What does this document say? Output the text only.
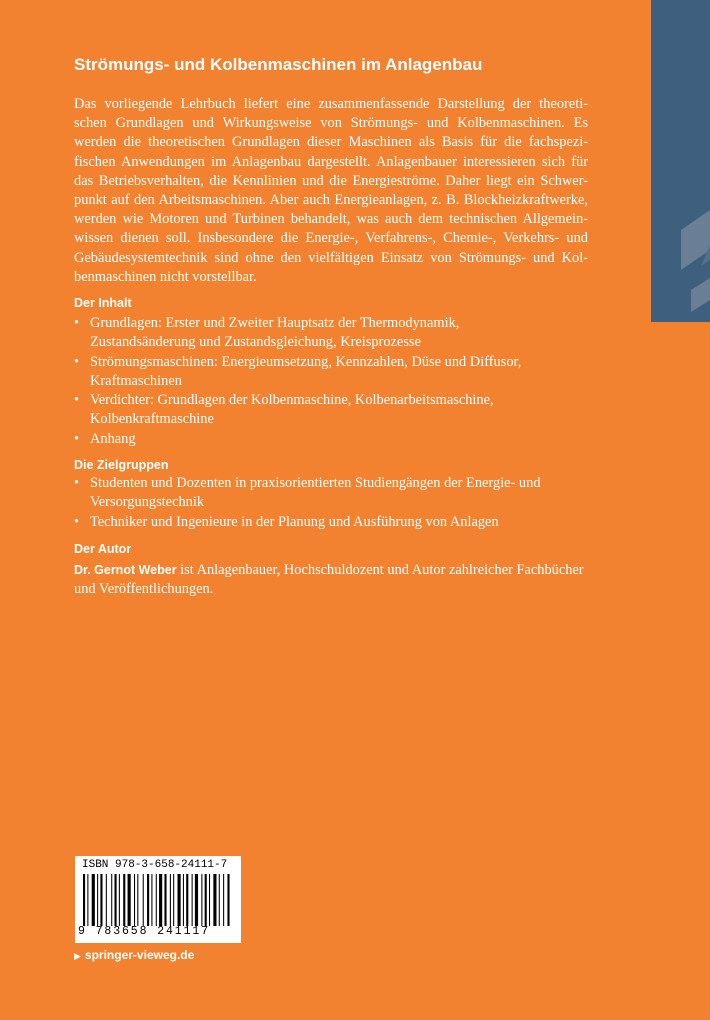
Strömungs- und Kolbenmaschinen im Anlagenbau
Das vorliegende Lehrbuch liefert eine zusammenfassende Darstellung der theoreti-
schen Grundlagen und Wirkungsweise von Strömungs- und Kolbenmaschinen. Es
werden die theoretischen Grundlagen dieser Maschinen als Basis für die fachspezi-
fischen Anwendungen im Anlagenbau dargestellt. Anlagenbauer interessieren sich für
das Betriebsverhalten, die Kennlinien und die Energieströme. Daher liegt ein Schwer-
punkt auf den Arbeitsmaschinen. Aber auch Energieanlagen, z. B. Blockheizkraftwerke,
werden wie Motoren und Turbinen behandelt, was auch dem technischen Allgemein-
wissen dienen soll. Insbesondere die Energie-, Verfahrens-, Chemie-, Verkehrs- und
Gebäudesystemtechnik sind ohne den vielfältigen Einsatz von Strömungs- und Kol-
benmaschinen nicht vorstellbar.
Der Inhalt
• Grundlagen: Erster und Zweiter Hauptsatz der Thermodynamik,
Zustandsänderung und Zustandsgleichung, Kreisprozesse
• Strömungsmaschinen: Energieumsetzung, Kennzahlen, Düse und Diffusor,
Kraftmaschinen
• Verdichter: Grundlagen der Kolbenmaschine, Kolbenarbeitsmaschine,
Kolbenkraftmaschine
• Anhang
Die Zielgruppen
• Studenten und Dozenten in praxisorientierten Studiengängen der Energie- und
Versorgungstechnik
• Techniker und Ingenieure in der Planung und Ausführung von Anlagen
Der Autor
Dr. Gernot Weber ist Anlagenbauer, Hochschuldozent und Autor zahlreicher Fachbücher
und Veröffentlichungen.
ISBN 978-3-658-24111-7
9 783658 241117
▶ springer-vieweg.de
